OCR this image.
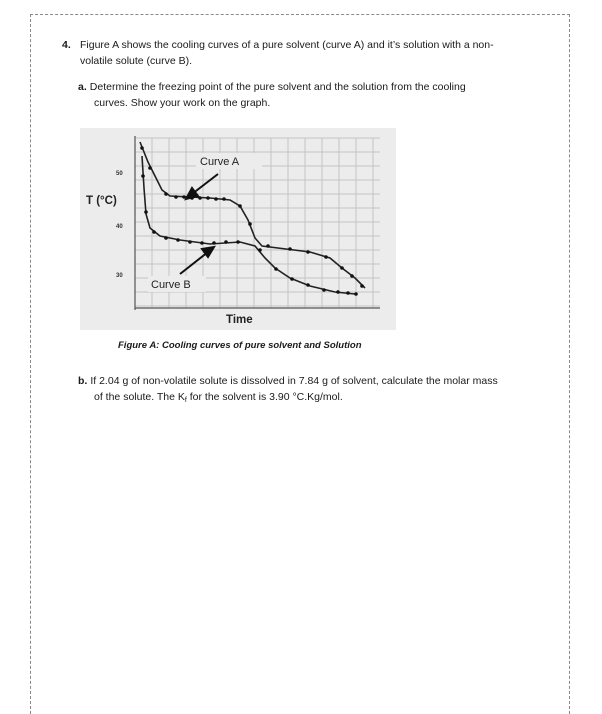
4. Figure A shows the cooling curves of a pure solvent (curve A) and it’s solution with a non-
volatile solute (curve B).
a. Determine the freezing point of the pure solvent and the solution from the cooling
curves. Show your work on the graph.
Curve A
T (°C)
50
40
30
Curve B
Time
Figure A: Cooling curves of pure solvent and Solution
b. If 2.04 g of non-volatile solute is dissolved in 7.84 g of solvent, calculate the molar mass
of the solute. The $K_f$ for the solvent is 3.90 °C.Kg/mol.
